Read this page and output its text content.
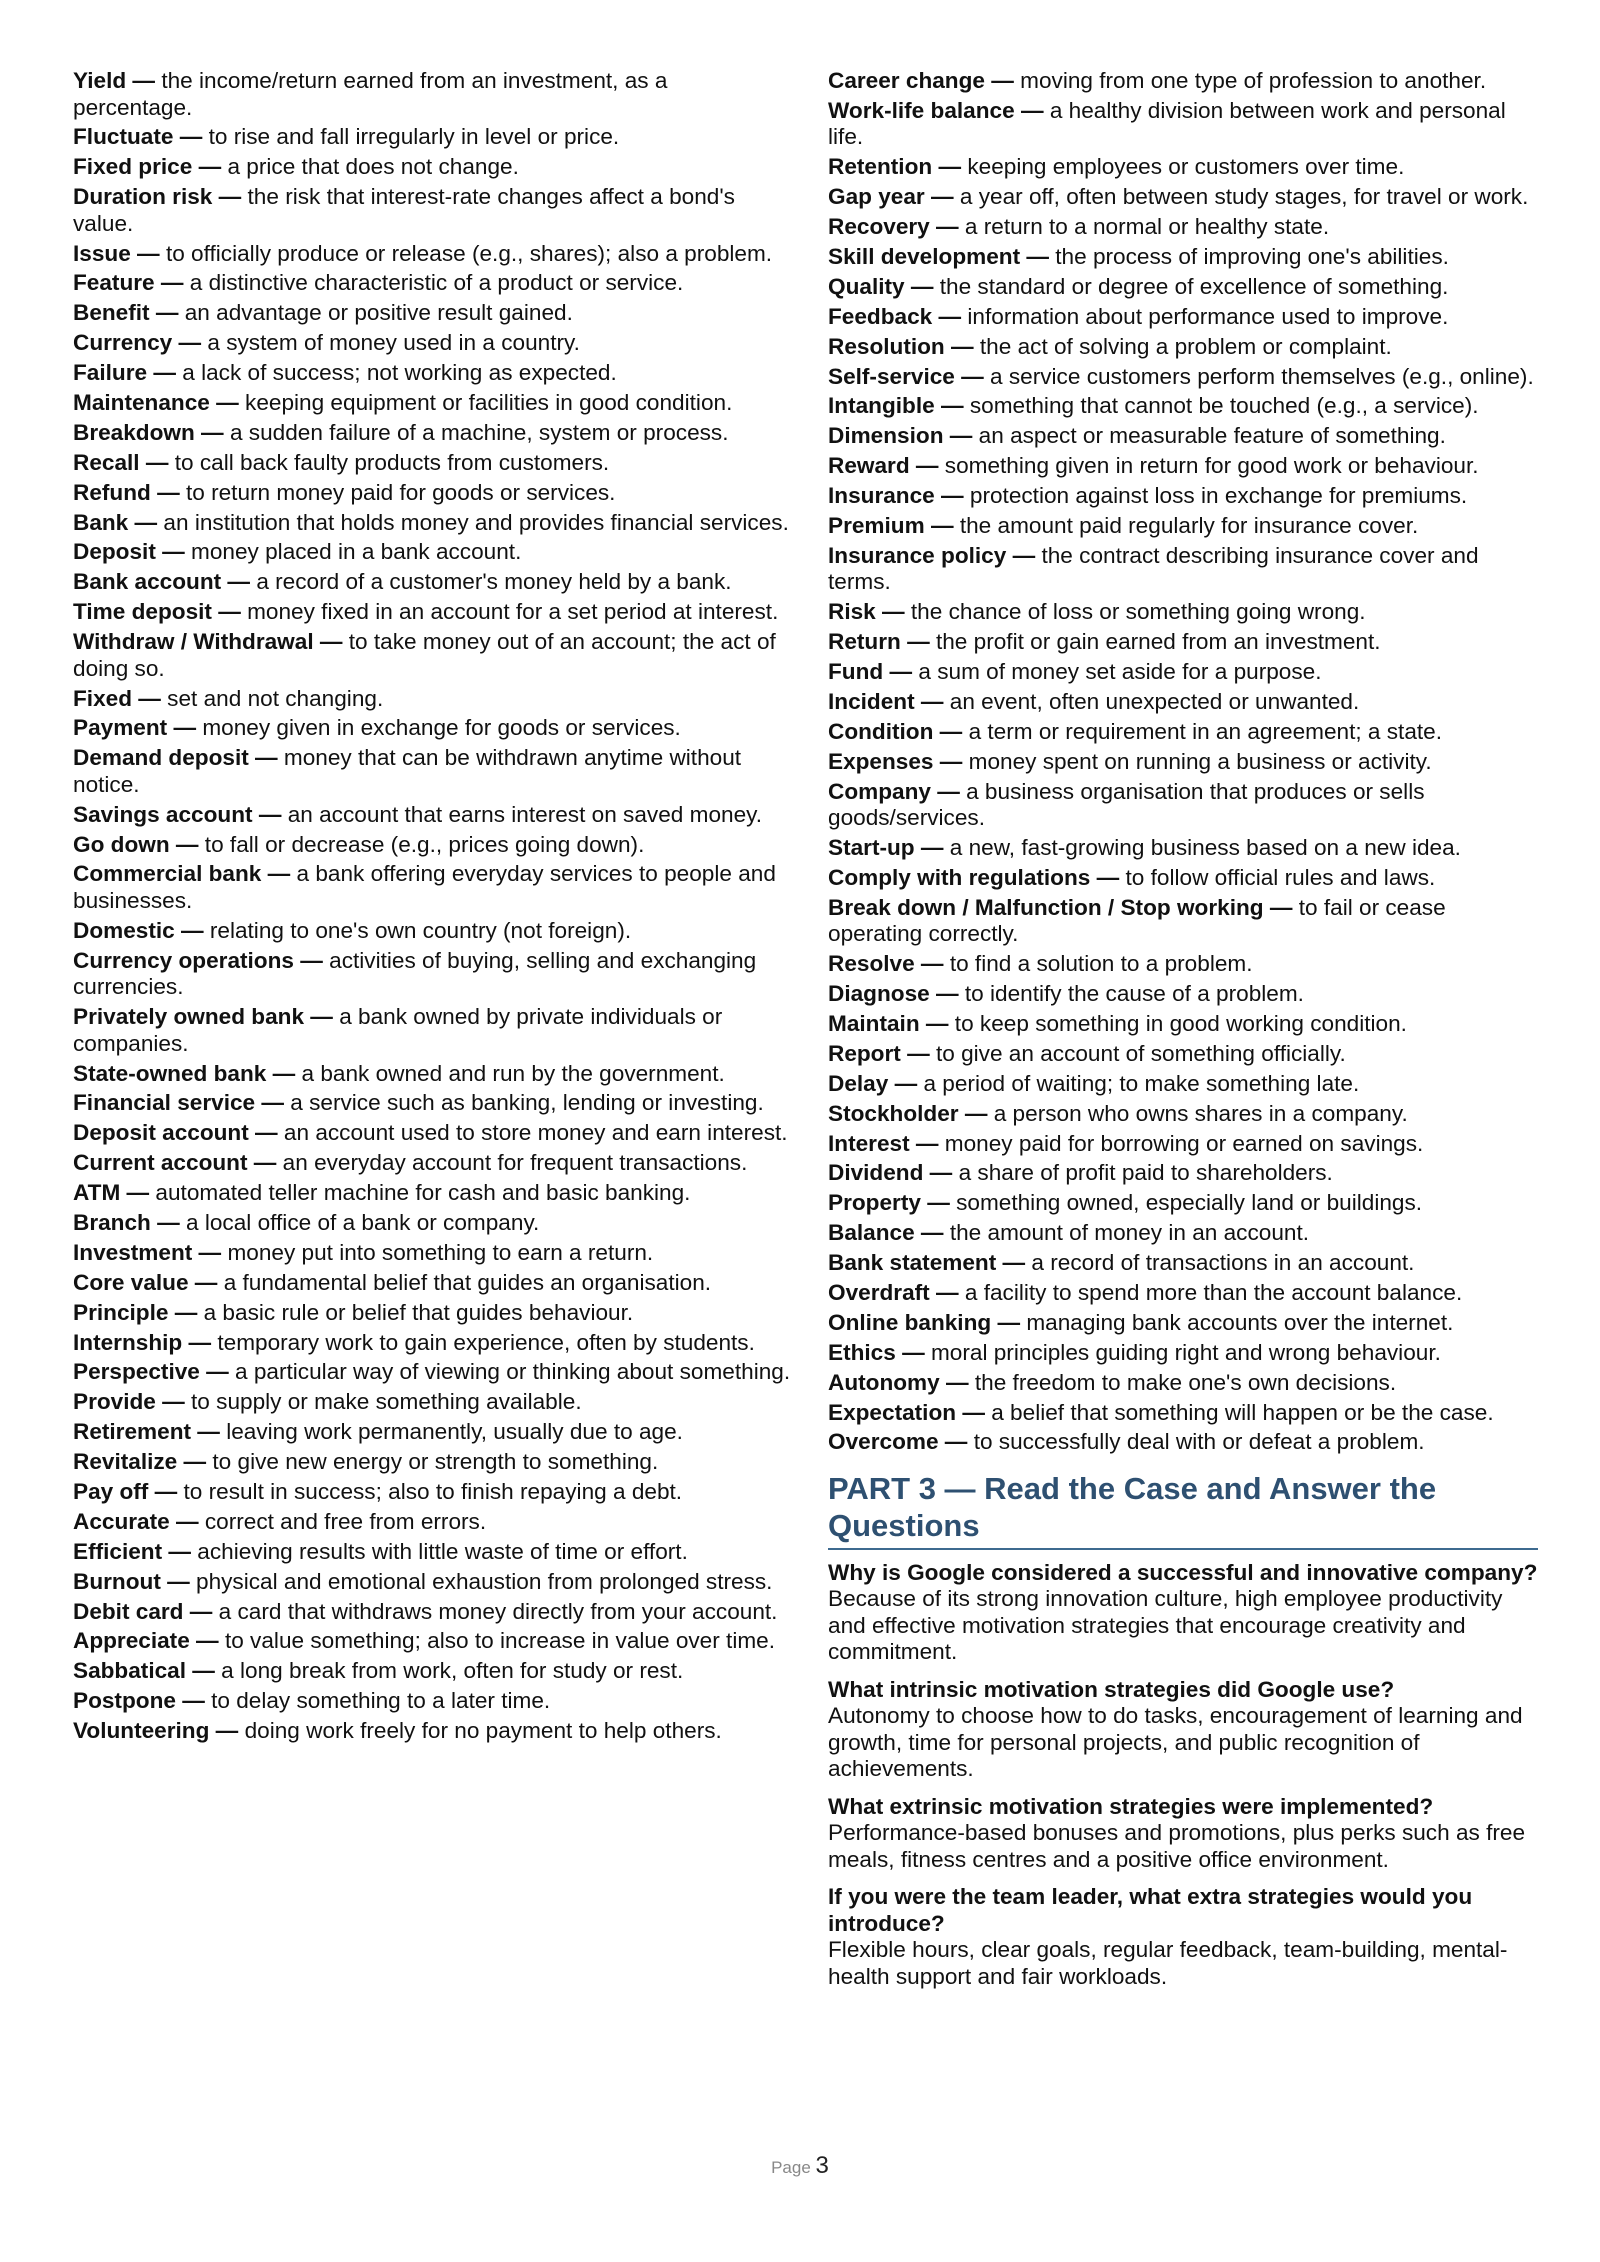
Yield — the income/return earned from an investment, as a percentage.
Fluctuate — to rise and fall irregularly in level or price.
Fixed price — a price that does not change.
Duration risk — the risk that interest-rate changes affect a bond's value.
Issue — to officially produce or release (e.g., shares); also a problem.
Feature — a distinctive characteristic of a product or service.
Benefit — an advantage or positive result gained.
Currency — a system of money used in a country.
Failure — a lack of success; not working as expected.
Maintenance — keeping equipment or facilities in good condition.
Breakdown — a sudden failure of a machine, system or process.
Recall — to call back faulty products from customers.
Refund — to return money paid for goods or services.
Bank — an institution that holds money and provides financial services.
Deposit — money placed in a bank account.
Bank account — a record of a customer's money held by a bank.
Time deposit — money fixed in an account for a set period at interest.
Withdraw / Withdrawal — to take money out of an account; the act of doing so.
Fixed — set and not changing.
Payment — money given in exchange for goods or services.
Demand deposit — money that can be withdrawn anytime without notice.
Savings account — an account that earns interest on saved money.
Go down — to fall or decrease (e.g., prices going down).
Commercial bank — a bank offering everyday services to people and businesses.
Domestic — relating to one's own country (not foreign).
Currency operations — activities of buying, selling and exchanging currencies.
Privately owned bank — a bank owned by private individuals or companies.
State-owned bank — a bank owned and run by the government.
Financial service — a service such as banking, lending or investing.
Deposit account — an account used to store money and earn interest.
Current account — an everyday account for frequent transactions.
ATM — automated teller machine for cash and basic banking.
Branch — a local office of a bank or company.
Investment — money put into something to earn a return.
Core value — a fundamental belief that guides an organisation.
Principle — a basic rule or belief that guides behaviour.
Internship — temporary work to gain experience, often by students.
Perspective — a particular way of viewing or thinking about something.
Provide — to supply or make something available.
Retirement — leaving work permanently, usually due to age.
Revitalize — to give new energy or strength to something.
Pay off — to result in success; also to finish repaying a debt.
Accurate — correct and free from errors.
Efficient — achieving results with little waste of time or effort.
Burnout — physical and emotional exhaustion from prolonged stress.
Debit card — a card that withdraws money directly from your account.
Appreciate — to value something; also to increase in value over time.
Sabbatical — a long break from work, often for study or rest.
Postpone — to delay something to a later time.
Volunteering — doing work freely for no payment to help others.
Career change — moving from one type of profession to another.
Work-life balance — a healthy division between work and personal life.
Retention — keeping employees or customers over time.
Gap year — a year off, often between study stages, for travel or work.
Recovery — a return to a normal or healthy state.
Skill development — the process of improving one's abilities.
Quality — the standard or degree of excellence of something.
Feedback — information about performance used to improve.
Resolution — the act of solving a problem or complaint.
Self-service — a service customers perform themselves (e.g., online).
Intangible — something that cannot be touched (e.g., a service).
Dimension — an aspect or measurable feature of something.
Reward — something given in return for good work or behaviour.
Insurance — protection against loss in exchange for premiums.
Premium — the amount paid regularly for insurance cover.
Insurance policy — the contract describing insurance cover and terms.
Risk — the chance of loss or something going wrong.
Return — the profit or gain earned from an investment.
Fund — a sum of money set aside for a purpose.
Incident — an event, often unexpected or unwanted.
Condition — a term or requirement in an agreement; a state.
Expenses — money spent on running a business or activity.
Company — a business organisation that produces or sells goods/services.
Start-up — a new, fast-growing business based on a new idea.
Comply with regulations — to follow official rules and laws.
Break down / Malfunction / Stop working — to fail or cease operating correctly.
Resolve — to find a solution to a problem.
Diagnose — to identify the cause of a problem.
Maintain — to keep something in good working condition.
Report — to give an account of something officially.
Delay — a period of waiting; to make something late.
Stockholder — a person who owns shares in a company.
Interest — money paid for borrowing or earned on savings.
Dividend — a share of profit paid to shareholders.
Property — something owned, especially land or buildings.
Balance — the amount of money in an account.
Bank statement — a record of transactions in an account.
Overdraft — a facility to spend more than the account balance.
Online banking — managing bank accounts over the internet.
Ethics — moral principles guiding right and wrong behaviour.
Autonomy — the freedom to make one's own decisions.
Expectation — a belief that something will happen or be the case.
Overcome — to successfully deal with or defeat a problem.
PART 3 — Read the Case and Answer the Questions
Why is Google considered a successful and innovative company?
Because of its strong innovation culture, high employee productivity and effective motivation strategies that encourage creativity and commitment.
What intrinsic motivation strategies did Google use?
Autonomy to choose how to do tasks, encouragement of learning and growth, time for personal projects, and public recognition of achievements.
What extrinsic motivation strategies were implemented?
Performance-based bonuses and promotions, plus perks such as free meals, fitness centres and a positive office environment.
If you were the team leader, what extra strategies would you introduce?
Flexible hours, clear goals, regular feedback, team-building, mental-health support and fair workloads.
Page 3
